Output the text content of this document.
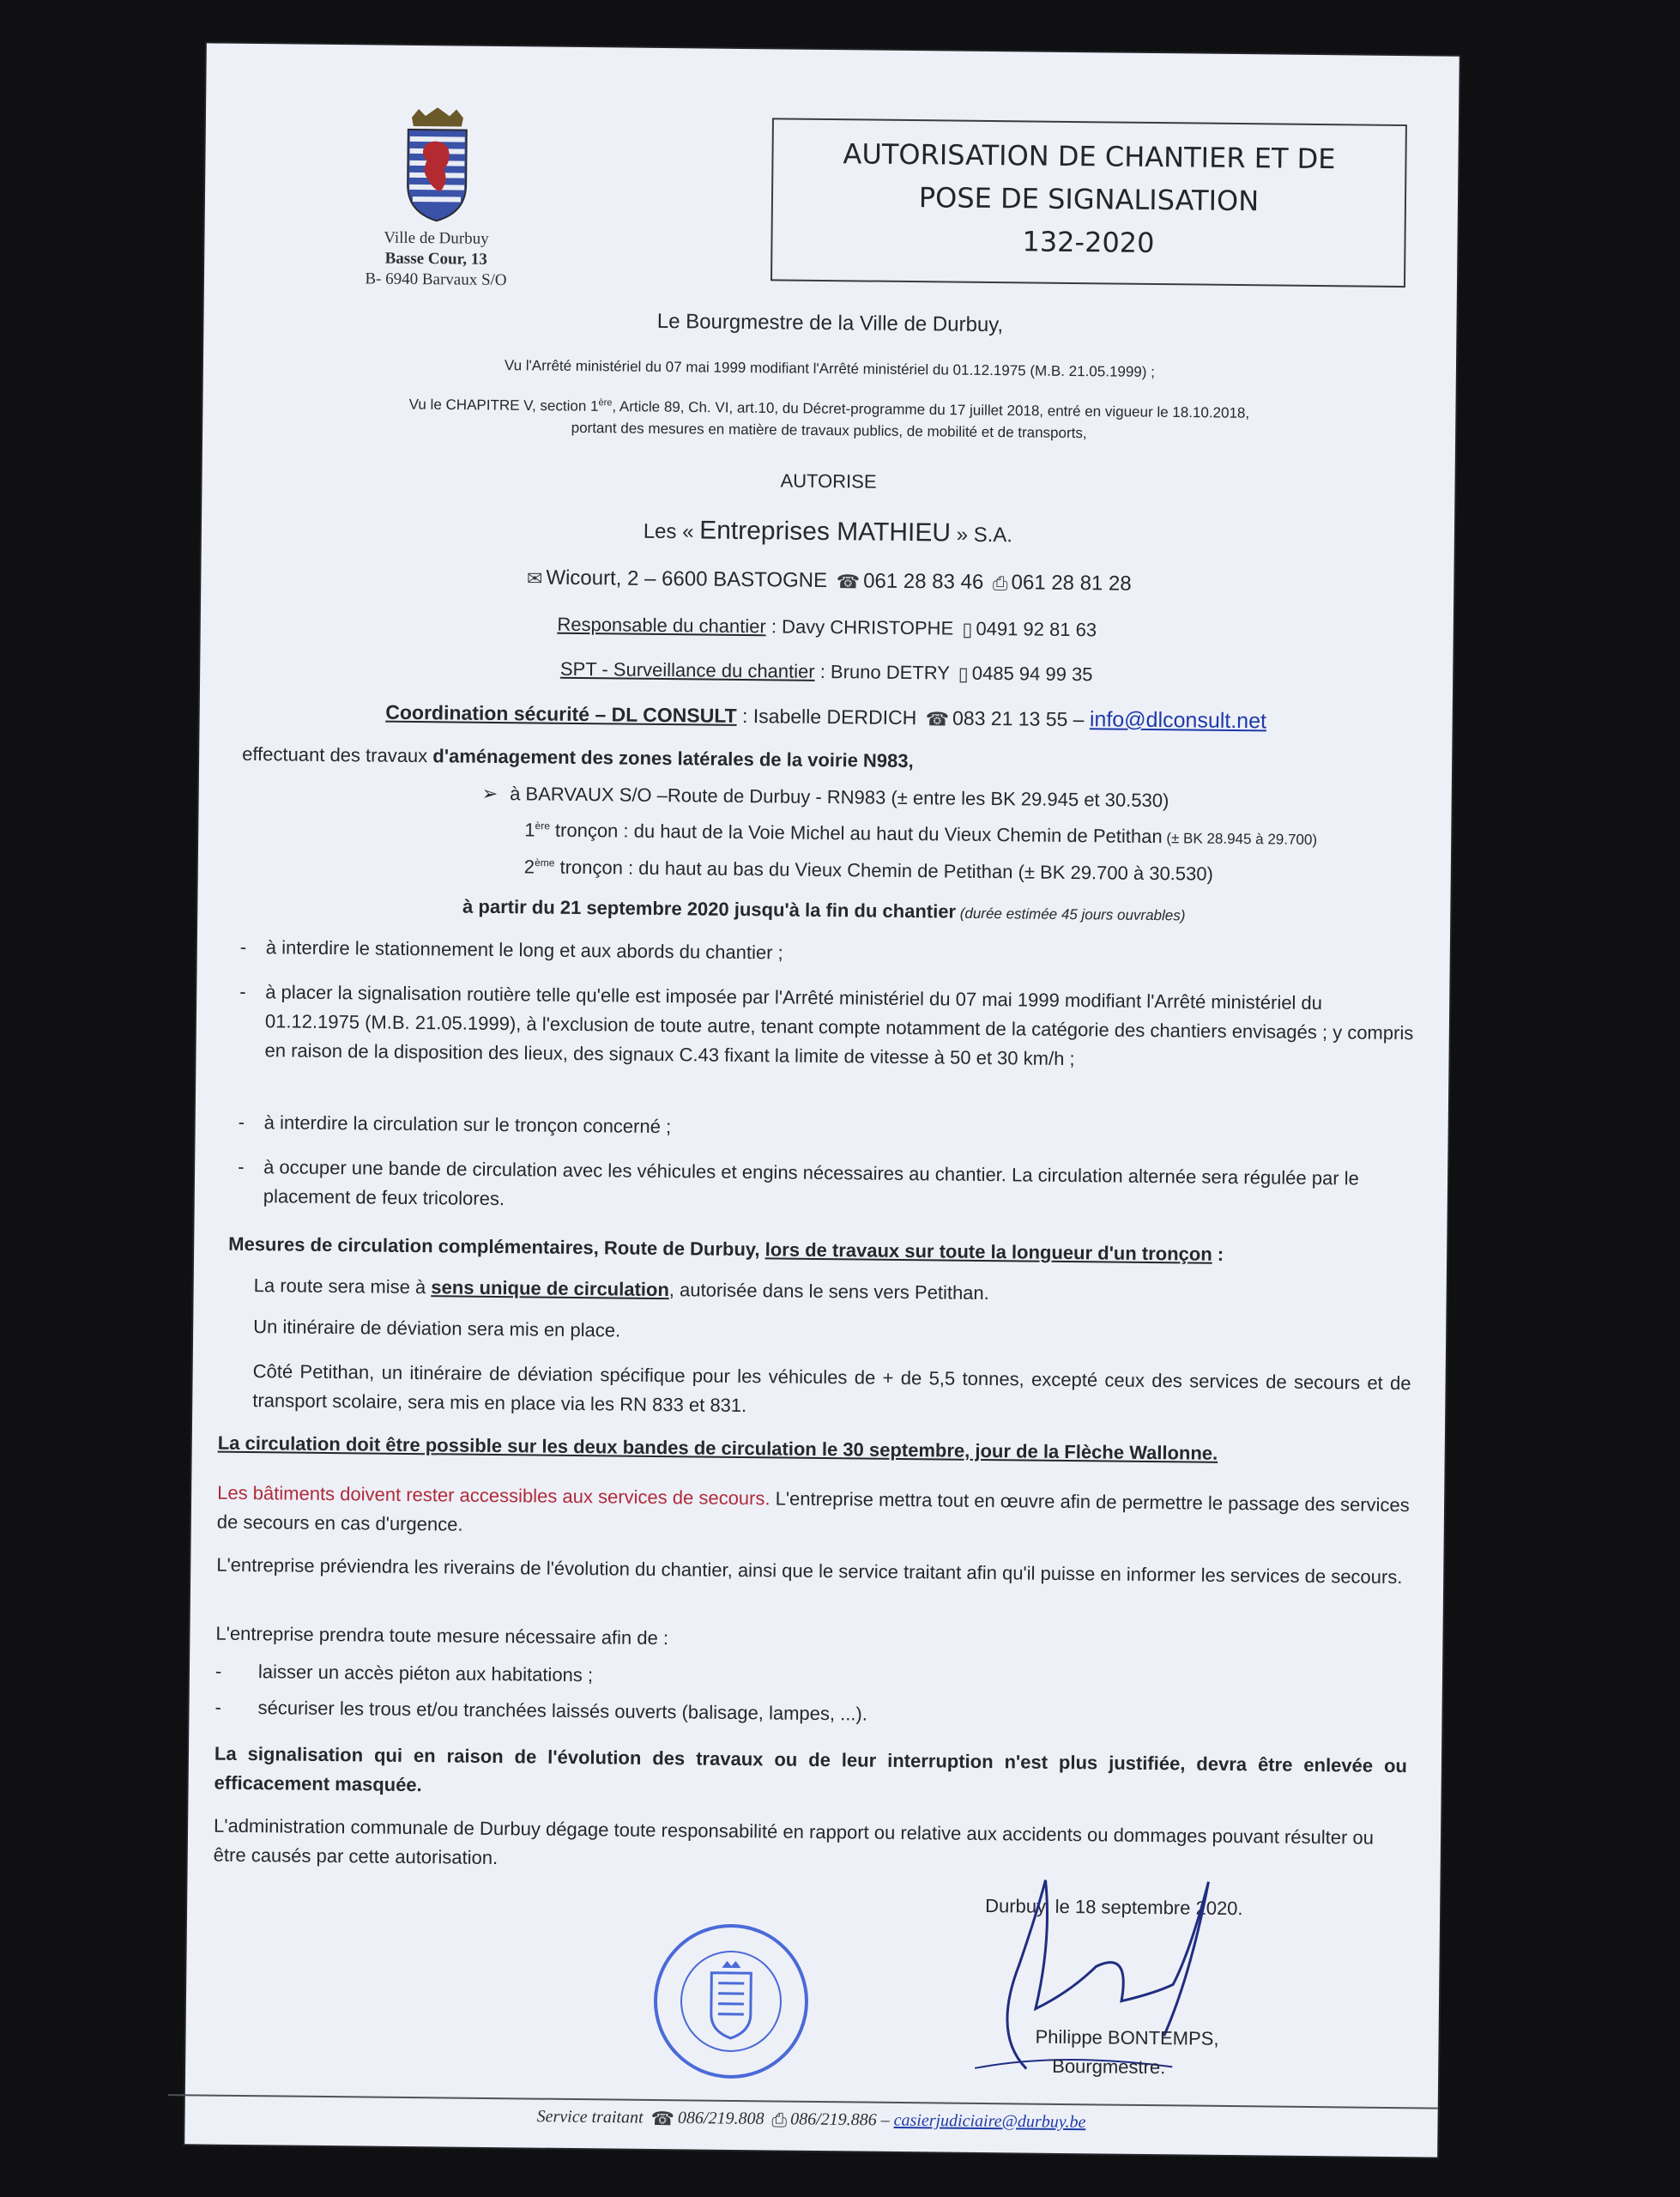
Ville de Durbuy
Basse Cour, 13
B- 6940 Barvaux S/O
AUTORISATION DE CHANTIER ET DE
POSE DE SIGNALISATION
132-2020
Le Bourgmestre de la Ville de Durbuy,
Vu l'Arrêté ministériel du 07 mai 1999 modifiant l'Arrêté ministériel du 01.12.1975 (M.B. 21.05.1999) ;
Vu le CHAPITRE V, section 1ère, Article 89, Ch. VI, art.10, du Décret-programme du 17 juillet 2018, entré en vigueur le 18.10.2018,
portant des mesures en matière de travaux publics, de mobilité et de transports,
AUTORISE
Les « Entreprises MATHIEU » S.A.
✉ Wicourt, 2 – 6600 BASTOGNE ☎ 061 28 83 46 ⎙ 061 28 81 28
Responsable du chantier : Davy CHRISTOPHE ▯ 0491 92 81 63
SPT - Surveillance du chantier : Bruno DETRY ▯ 0485 94 99 35
Coordination sécurité – DL CONSULT : Isabelle DERDICH ☎ 083 21 13 55 – info@dlconsult.net
effectuant des travaux d'aménagement des zones latérales de la voirie N983,
➢ à BARVAUX S/O –Route de Durbuy - RN983 (± entre les BK 29.945 et 30.530)
1ère tronçon : du haut de la Voie Michel au haut du Vieux Chemin de Petithan (± BK 28.945 à 29.700)
2ème tronçon : du haut au bas du Vieux Chemin de Petithan (± BK 29.700 à 30.530)
à partir du 21 septembre 2020 jusqu'à la fin du chantier (durée estimée 45 jours ouvrables)
- à interdire le stationnement le long et aux abords du chantier ;
- à placer la signalisation routière telle qu'elle est imposée par l'Arrêté ministériel du 07 mai 1999 modifiant l'Arrêté ministériel du 01.12.1975 (M.B. 21.05.1999), à l'exclusion de toute autre, tenant compte notamment de la catégorie des chantiers envisagés ; y compris en raison de la disposition des lieux, des signaux C.43 fixant la limite de vitesse à 50 et 30 km/h ;
- à interdire la circulation sur le tronçon concerné ;
- à occuper une bande de circulation avec les véhicules et engins nécessaires au chantier. La circulation alternée sera régulée par le placement de feux tricolores.
Mesures de circulation complémentaires, Route de Durbuy, lors de travaux sur toute la longueur d'un tronçon :
La route sera mise à sens unique de circulation, autorisée dans le sens vers Petithan.
Un itinéraire de déviation sera mis en place.
Côté Petithan, un itinéraire de déviation spécifique pour les véhicules de + de 5,5 tonnes, excepté ceux des services de secours et de transport scolaire, sera mis en place via les RN 833 et 831.
La circulation doit être possible sur les deux bandes de circulation le 30 septembre, jour de la Flèche Wallonne.
Les bâtiments doivent rester accessibles aux services de secours. L'entreprise mettra tout en œuvre afin de permettre le passage des services de secours en cas d'urgence.
L'entreprise préviendra les riverains de l'évolution du chantier, ainsi que le service traitant afin qu'il puisse en informer les services de secours.
L'entreprise prendra toute mesure nécessaire afin de :
- laisser un accès piéton aux habitations ;
- sécuriser les trous et/ou tranchées laissés ouverts (balisage, lampes, ...).
La signalisation qui en raison de l'évolution des travaux ou de leur interruption n'est plus justifiée, devra être enlevée ou efficacement masquée.
L'administration communale de Durbuy dégage toute responsabilité en rapport ou relative aux accidents ou dommages pouvant résulter ou être causés par cette autorisation.
Durbuy, le 18 septembre 2020.
Philippe BONTEMPS,
Bourgmestre.
Service traitant ☎ 086/219.808 ⎙ 086/219.886 – casierjudiciaire@durbuy.be
